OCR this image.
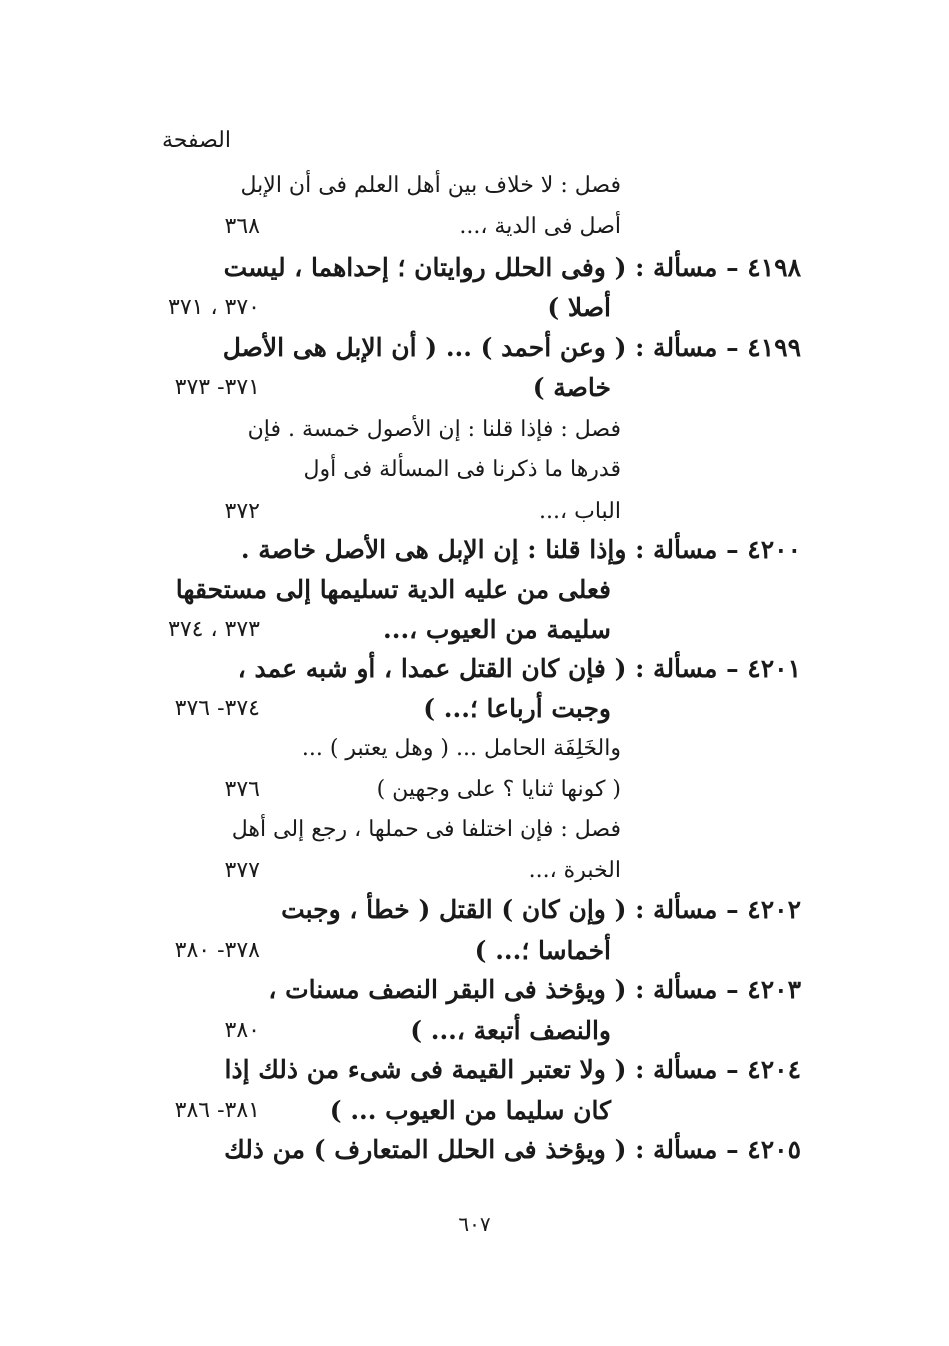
الصفحة
فصل : لا خلاف بين أهل العلم فى أن الإبل
أصل فى الدية ،...
٣٦٨
٤١٩٨ – مسألة : ( وفى الحلل روايتان ؛ إحداهما ، ليست
أصلا )
٣٧٠ ، ٣٧١
٤١٩٩ – مسألة : ( وعن أحمد ) ... ( أن الإبل هى الأصل
خاصة )
٣٧١- ٣٧٣
فصل : فإذا قلنا : إن الأصول خمسة . فإن
قدرها ما ذكرنا فى المسألة فى أول
الباب ،...
٣٧٢
٤٢٠٠ – مسألة : وإذا قلنا : إن الإبل هى الأصل خاصة .
فعلى من عليه الدية تسليمها إلى مستحقها
سليمة من العيوب ،...
٣٧٣ ، ٣٧٤
٤٢٠١ – مسألة : ( فإن كان القتل عمدا ، أو شبه عمد ،
وجبت أرباعا ؛... )
٣٧٤- ٣٧٦
والخَلِفَة الحامل ... ( وهل يعتبر ) ...
( كونها ثنايا ؟ على وجهين )
٣٧٦
فصل : فإن اختلفا فى حملها ، رجع إلى أهل
الخبرة ،...
٣٧٧
٤٢٠٢ – مسألة : ( وإن كان ) القتل ( خطأ ، وجبت
أخماسا ؛... )
٣٧٨- ٣٨٠
٤٢٠٣ – مسألة : ( ويؤخذ فى البقر النصف مسنات ،
والنصف أتبعة ،... )
٣٨٠
٤٢٠٤ – مسألة : ( ولا تعتبر القيمة فى شىء من ذلك إذا
كان سليما من العيوب ... )
٣٨١- ٣٨٦
٤٢٠٥ – مسألة : ( ويؤخذ فى الحلل المتعارف ) من ذلك
٦٠٧
